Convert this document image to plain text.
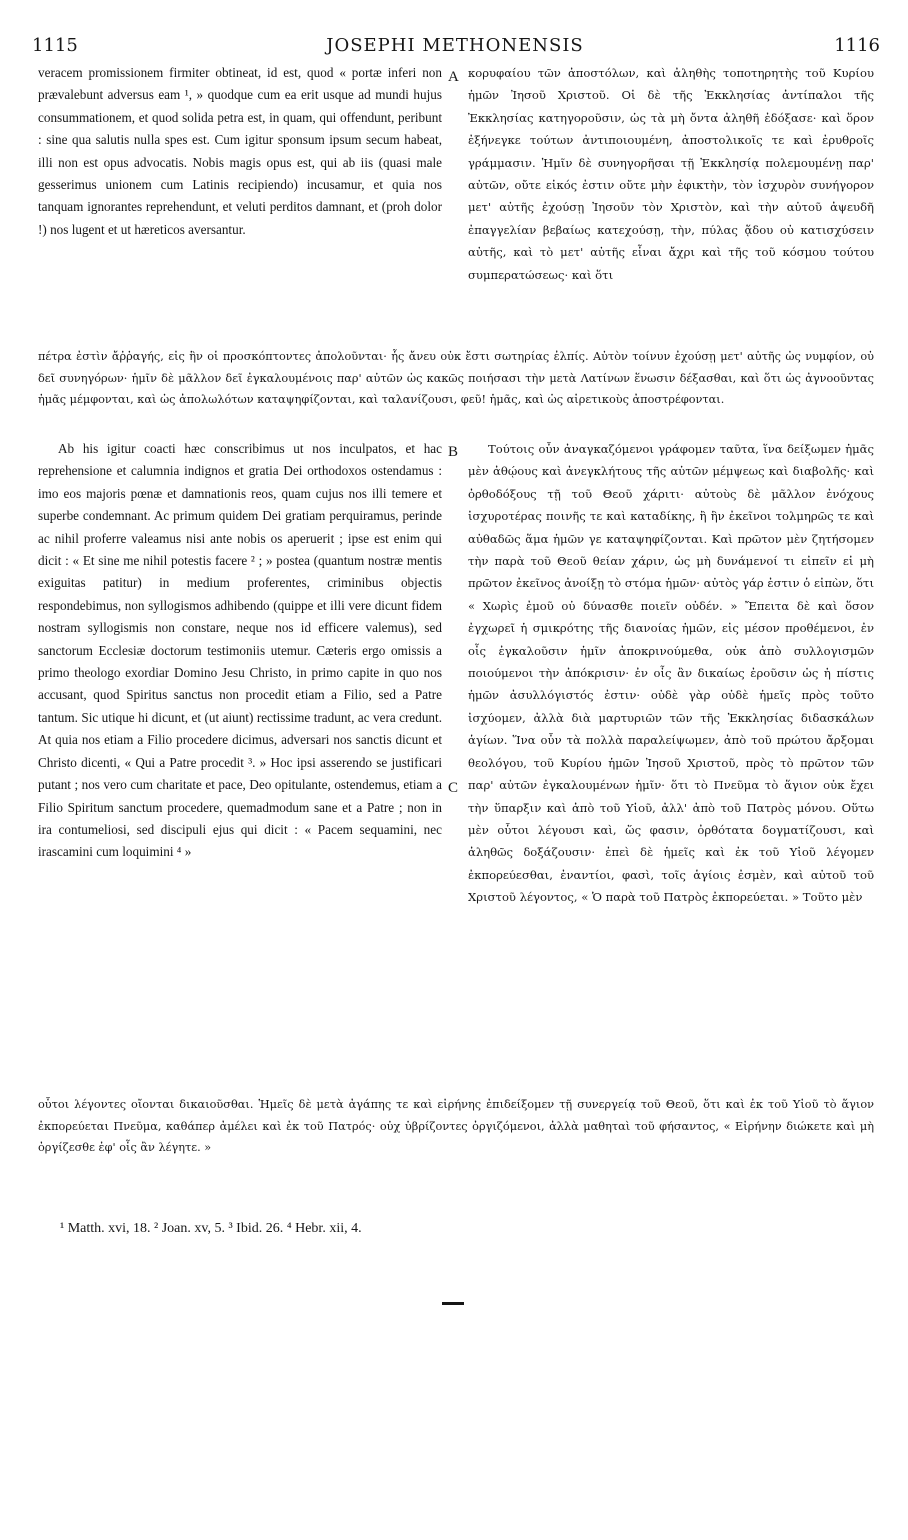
1115	JOSEPHI METHONENSIS	1116

veracem promissionem firmiter obtineat, id est, quod « portæ inferi non prævalebunt adversus eam ¹, » quodque cum ea erit usque ad mundi hujus consummationem, et quod solida petra est, in quam, qui offendunt, peribunt : sine qua salutis nulla spes est. Cum igitur sponsum ipsum secum habeat, illi non est opus advocatis. Nobis magis opus est, qui ab iis (quasi male gesserimus unionem cum Latinis recipiendo) incusamur, et quia nos tanquam ignorantes reprehendunt, et veluti perditos damnant, et (proh dolor !) nos lugent et ut hæreticos aversantur.

A κορυφαίου τῶν ἀποστόλων, καὶ ἀληθὴς τοποτηρητὴς τοῦ Κυρίου ἡμῶν Ἰησοῦ Χριστοῦ. Οἱ δὲ τῆς Ἐκκλησίας ἀντίπαλοι τῆς Ἐκκλησίας κατηγοροῦσιν, ὡς τὰ μὴ ὄντα ἀληθῆ ἐδόξασε· καὶ ὅρον ἐξήνεγκε τούτων ἀντιποιουμένη, ἀποστολικοῖς τε καὶ ἐρυθροῖς γράμμασιν. Ἡμῖν δὲ συνηγορῆσαι τῇ Ἐκκλησίᾳ πολεμουμένῃ παρ' αὐτῶν, οὔτε εἰκός ἐστιν οὔτε μὴν ἐφικτὴν, τὸν ἰσχυρὸν συνήγορον μετ' αὐτῆς ἐχούσῃ Ἰησοῦν τὸν Χριστὸν, καὶ τὴν αὐτοῦ ἀψευδῆ ἐπαγγελίαν βεβαίως κατεχούσῃ, τὴν, πύλας ᾅδου οὐ κατισχύσειν αὐτῆς, καὶ τὸ μετ' αὐτῆς εἶναι ἄχρι καὶ τῆς τοῦ κόσμου τούτου συμπερατώσεως· καὶ ὅτι

πέτρα ἐστὶν ἄῤῥαγής, εἰς ἣν οἱ προσκόπτοντες ἀπολοῦνται· ἧς ἄνευ οὐκ ἔστι σωτηρίας ἐλπίς. Αὐτὸν τοίνυν ἐχούσῃ μετ' αὐτῆς ὡς νυμφίον, οὐ δεῖ συνηγόρων· ἡμῖν δὲ μᾶλλον δεῖ ἐγκαλουμένοις παρ' αὐτῶν ὡς κακῶς ποιήσασι τὴν μετὰ Λατίνων ἕνωσιν δέξασθαι, καὶ ὅτι ὡς ἀγνοοῦντας ἡμᾶς μέμφονται, καὶ ὡς ἀπολωλότων καταψηφίζονται, καὶ ταλανίζουσι, φεῦ! ἡμᾶς, καὶ ὡς αἱρετικοὺς ἀποστρέφονται.

Ab his igitur coacti hæc conscribimus ut nos inculpatos, et hac reprehensione et calumnia indignos et gratia Dei orthodoxos ostendamus : imo eos majoris pœnæ et damnationis reos, quam cujus nos illi temere et superbe condemnant. Ac primum quidem Dei gratiam perquiramus, perinde ac nihil proferre valeamus nisi ante nobis os aperuerit ; ipse est enim qui dicit : « Et sine me nihil potestis facere ² ; » postea (quantum nostræ mentis exiguitas patitur) in medium proferentes, criminibus objectis respondebimus, non syllogismos adhibendo (quippe et illi vere dicunt fidem nostram syllogismis non constare, neque nos id efficere valemus), sed sanctorum Ecclesiæ doctorum testimoniis utemur. Cæteris ergo omissis a primo theologo exordiar Domino Jesu Christo, in primo capite in quo nos accusant, quod Spiritus sanctus non procedit etiam a Filio, sed a Patre tantum. Sic utique hi dicunt, et (ut aiunt) rectissime tradunt, ac vera credunt. At quia nos etiam a Filio procedere dicimus, adversari nos sanctis dicunt et Christo dicenti, « Qui a Patre procedit ³. » Hoc ipsi asserendo se justificari putant ; nos vero cum charitate et pace, Deo opitulante, ostendemus, etiam a Filio Spiritum sanctum procedere, quemadmodum sane et a Patre ; non in ira contumeliosi, sed discipuli ejus qui dicit : « Pacem sequamini, nec irascamini cum loquimini ⁴ »

B
C

Τούτοις οὖν ἀναγκαζόμενοι γράφομεν ταῦτα, ἵνα δείξωμεν ἡμᾶς μὲν ἀθῴους καὶ ἀνεγκλήτους τῆς αὐτῶν μέμψεως καὶ διαβολῆς· καὶ ὀρθοδόξους τῇ τοῦ Θεοῦ χάριτι· αὐτοὺς δὲ μᾶλλον ἐνόχους ἰσχυροτέρας ποινῆς τε καὶ καταδίκης, ἢ ἣν ἐκεῖνοι τολμηρῶς τε καὶ αὐθαδῶς ἅμα ἡμῶν γε καταψηφίζονται. Καὶ πρῶτον μὲν ζητήσομεν τὴν παρὰ τοῦ Θεοῦ θείαν χάριν, ὡς μὴ δυνάμενοί τι εἰπεῖν εἰ μὴ πρῶτον ἐκεῖνος ἀνοίξῃ τὸ στόμα ἡμῶν· αὐτὸς γάρ ἐστιν ὁ εἰπὼν, ὅτι « Χωρὶς ἐμοῦ οὐ δύνασθε ποιεῖν οὐδέν. » Ἔπειτα δὲ καὶ ὅσον ἐγχωρεῖ ἡ σμικρότης τῆς διανοίας ἡμῶν, εἰς μέσον προθέμενοι, ἐν οἷς ἐγκαλοῦσιν ἡμῖν ἀποκρινούμεθα, οὐκ ἀπὸ συλλογισμῶν ποιούμενοι τὴν ἀπόκρισιν· ἐν οἷς ἂν δικαίως ἐροῦσιν ὡς ἡ πίστις ἡμῶν ἀσυλλόγιστός ἐστιν· οὐδὲ γὰρ οὐδὲ ἡμεῖς πρὸς τοῦτο ἰσχύομεν, ἀλλὰ διὰ μαρτυριῶν τῶν τῆς Ἐκκλησίας διδασκάλων ἁγίων. Ἵνα οὖν τὰ πολλὰ παραλείψωμεν, ἀπὸ τοῦ πρώτου ἄρξομαι θεολόγου, τοῦ Κυρίου ἡμῶν Ἰησοῦ Χριστοῦ, πρὸς τὸ πρῶτον τῶν παρ' αὐτῶν ἐγκαλουμένων ἡμῖν· ὅτι τὸ Πνεῦμα τὸ ἅγιον οὐκ ἔχει τὴν ὕπαρξιν καὶ ἀπὸ τοῦ Υἱοῦ, ἀλλ' ἀπὸ τοῦ Πατρὸς μόνου. Οὕτω μὲν οὗτοι λέγουσι καὶ, ὥς φασιν, ὀρθότατα δογματίζουσι, καὶ ἀληθῶς δοξάζουσιν· ἐπεὶ δὲ ἡμεῖς καὶ ἐκ τοῦ Υἱοῦ λέγομεν ἐκπορεύεσθαι, ἐναντίοι, φασὶ, τοῖς ἁγίοις ἐσμὲν, καὶ αὐτοῦ τοῦ Χριστοῦ λέγοντος, « Ὁ παρὰ τοῦ Πατρὸς ἐκπορεύεται. » Τοῦτο μὲν

οὗτοι λέγοντες οἴονται δικαιοῦσθαι. Ἡμεῖς δὲ μετὰ ἀγάπης τε καὶ εἰρήνης ἐπιδείξομεν τῇ συνεργείᾳ τοῦ Θεοῦ, ὅτι καὶ ἐκ τοῦ Υἱοῦ τὸ ἅγιον ἐκπορεύεται Πνεῦμα, καθάπερ ἀμέλει καὶ ἐκ τοῦ Πατρός· οὐχ ὑβρίζοντες ὀργιζόμενοι, ἀλλὰ μαθηταὶ τοῦ φήσαντος, « Εἰρήνην διώκετε καὶ μὴ ὀργίζεσθε ἐφ' οἷς ἂν λέγητε. »
¹ Matth. xvi, 18. ² Joan. xv, 5. ³ Ibid. 26. ⁴ Hebr. xii, 4.
